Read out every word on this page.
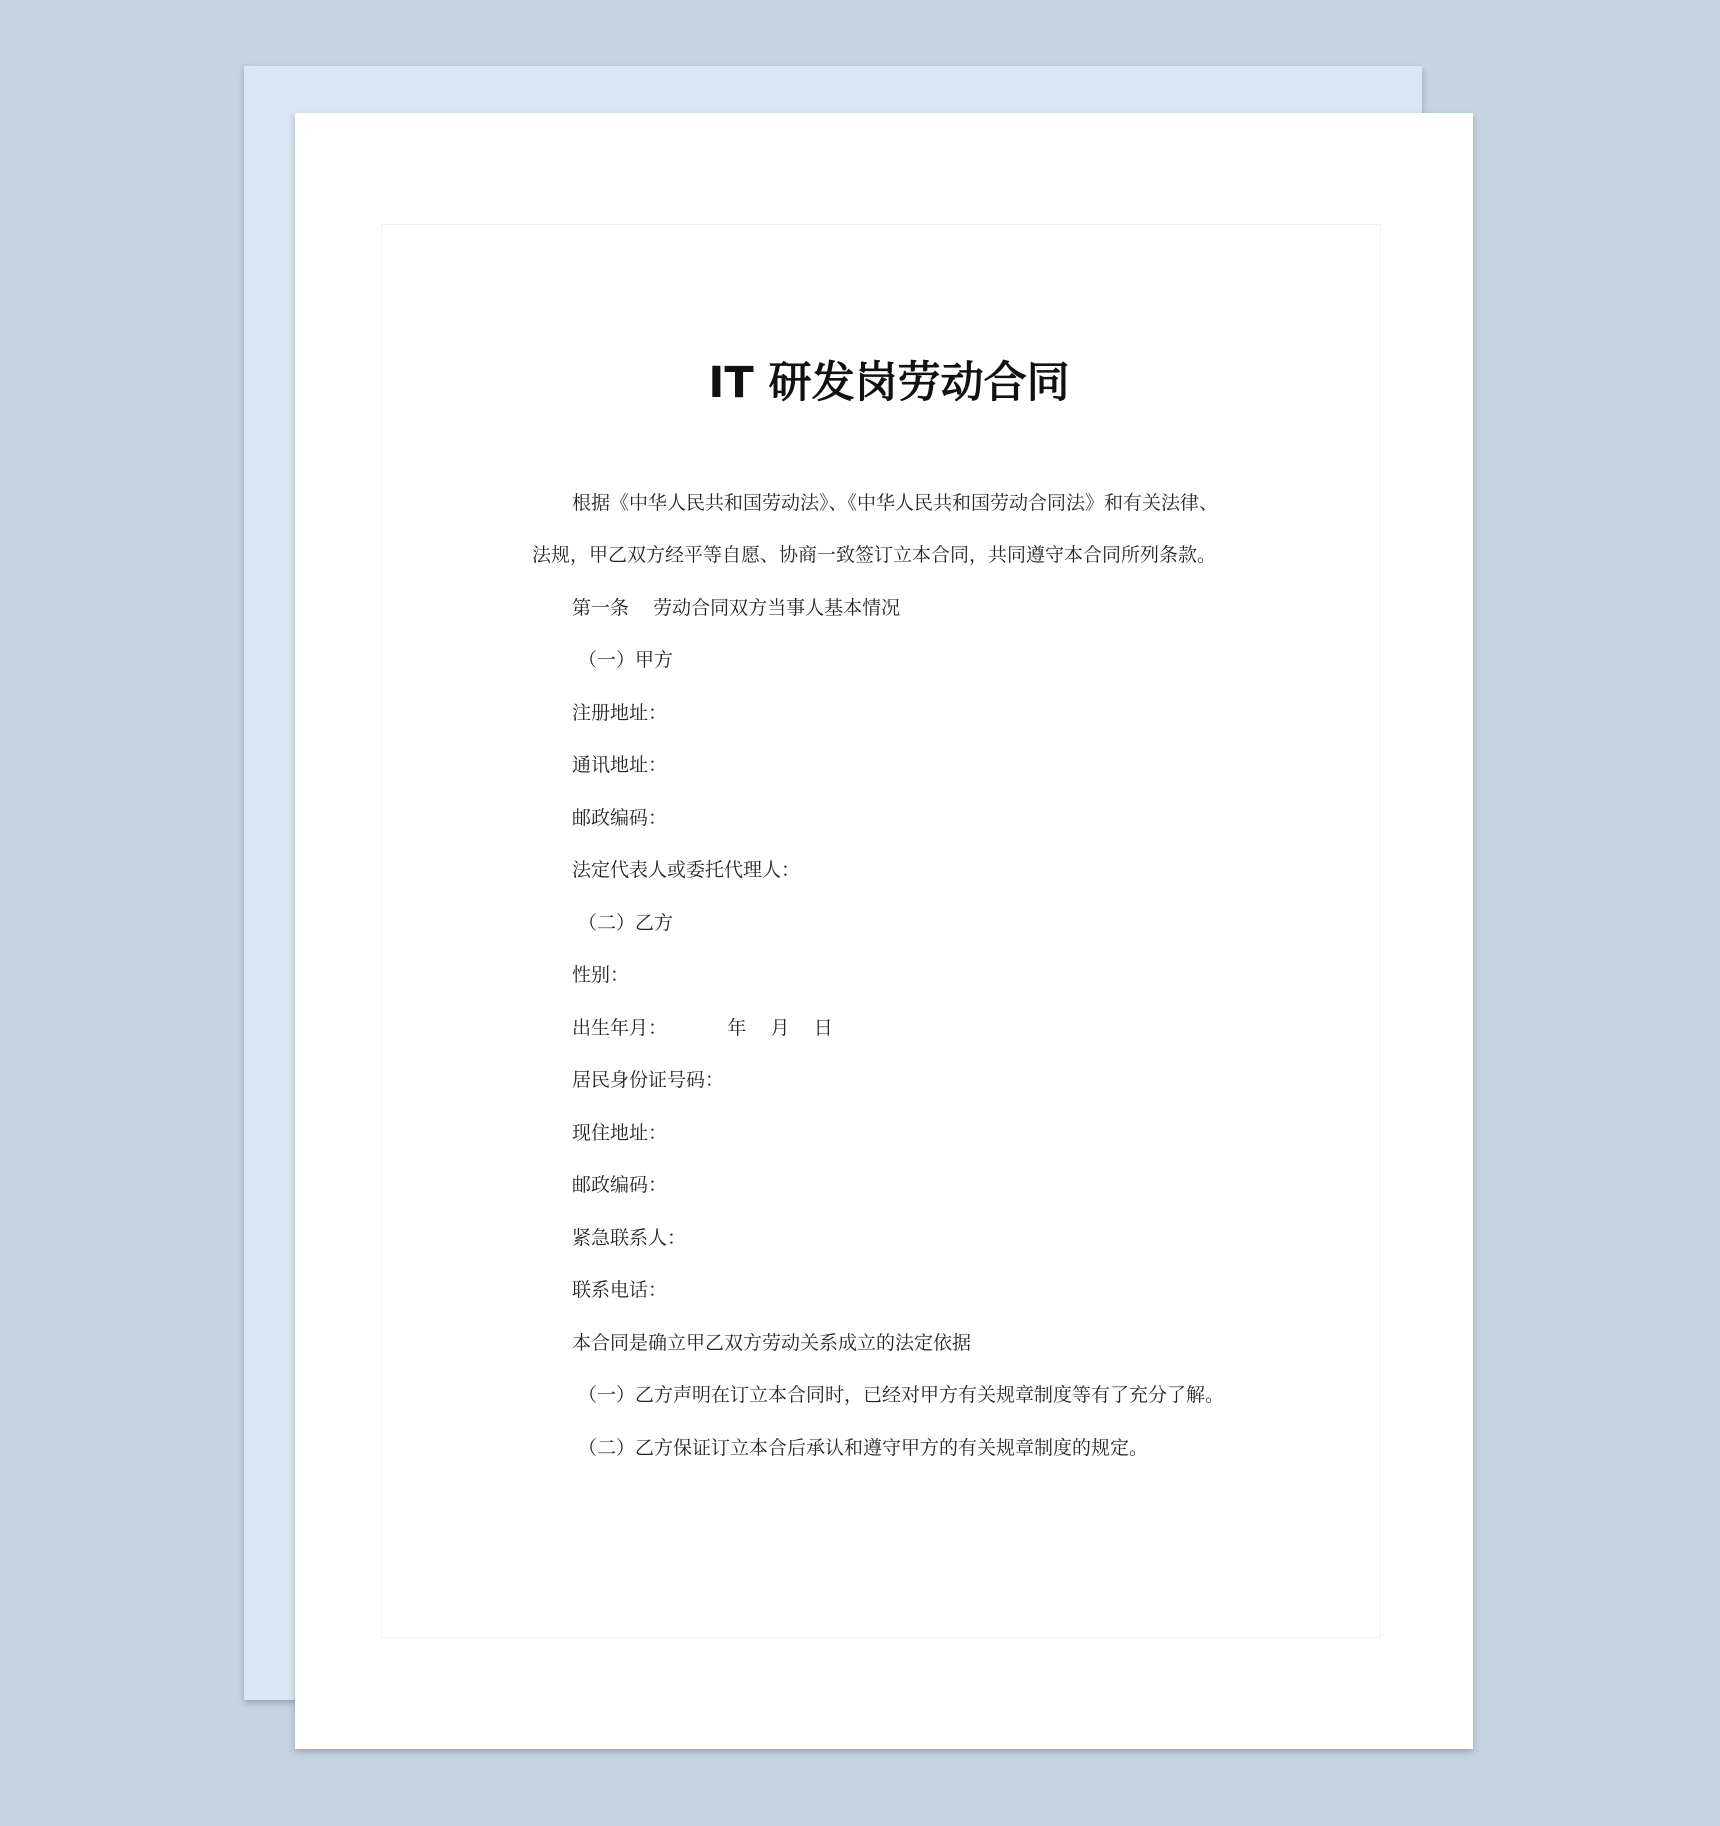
IT 研发岗劳动合同

根据《中华人民共和国劳动法》、《中华人民共和国劳动合同法》和有关法律、

法规，甲乙双方经平等自愿、协商一致签订立本合同，共同遵守本合同所列条款。

第一条    劳动合同双方当事人基本情况

（一）甲方

注册地址：

通讯地址：

邮政编码：

法定代表人或委托代理人：

（二）乙方

性别：

出生年月：          年    月    日

居民身份证号码：

现住地址：

邮政编码：

紧急联系人：

联系电话：

本合同是确立甲乙双方劳动关系成立的法定依据

（一）乙方声明在订立本合同时，已经对甲方有关规章制度等有了充分了解。

（二）乙方保证订立本合后承认和遵守甲方的有关规章制度的规定。
